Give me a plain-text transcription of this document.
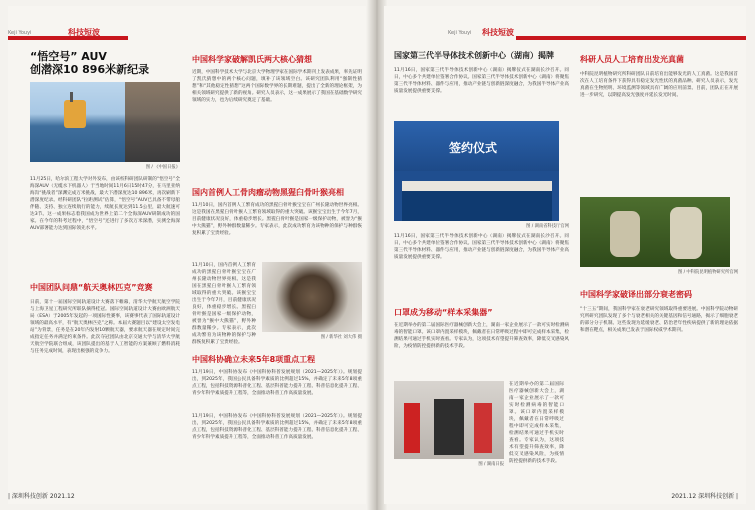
科技短波
Keji Youyi
“悟空号” AUV
创潜深10 896米新纪录
图 / 《中国日报》
11月25日，哈尔滨工程大学对外发布，由该校科研团队研制的“悟空号”全海深AUV（无缆水下机器人）于当地时间11月6日15时47分，在马里亚纳海沟“挑战者”深渊完成万米挑战，最大下潜深度达10 896米，再次刷新下潜深度纪录。经科研团队“拉距测试”估算，“悟空号”AUV已具备不带母船伴随、支持、独立连续航行的能力，续航长度达到11.5公里，最大航速可达3节。这一成果标志着我国成为世界上第二个全海深AUV研制成功的国家。在今年的科考过程中，“悟空号”还进行了多次万米深潜，实测全海深AUV部署能力达到国际领先水平。
中国团队问鼎“航天奥林匹克”竞赛
日前，第十一届国际空间轨道设计大赛落下帷幕，清华大学航天航空学院与上海卫星工程研究所联队摘得桂冠。国际空间轨道设计大赛由欧洲航天局（ESA）于2005年发起的一项国际性赛事，该赛事代表了国际轨道设计领域的最高水平，有“航天奥林匹克”之称。本届大赛题目以“建设太空发电站”为背景，任务是在20年内发射10颗航天器，要求航天器在规定时间完成指定任务并满足约束条件。此次夺冠团队由北京交通大学与清华大学航天航空学院联合组成，该团队提出的基于人工智能的方案兼顾了燃料消耗与任务完成时间，表现出极强的竞争力。
中国科学家破解凯氏两大核心猜想
近期，中国科学技术大学与北京大学物理学家在国际学术期刊上发表成果，率先证明了凯氏猜想中的两个核心问题，填补了该领域空白。该研究团队利用“强制性猜想”和“其他稳定性猜想”这两个国际数学界的长期难题，提出了全新的理论框架，为相关领域研究提供了新的视角。研究人员表示，这一成果展示了我国在基础数学研究领域的实力，也为后续研究奠定了基础。
国内首例人工骨肉瘤动物黑猩臼骨叶猴亮相
11月10日，国内首例人工繁育成功的黑猩臼骨叶猴宝宝在广州长隆动物世界亮相。这是我国在黑猩臼骨叶猴人工繁育领域取得的重大突破。该猴宝宝出生于今年7月，目前健康状况良好，体重稳步增长。黑猩臼骨叶猴是国家一级保护动物，被誉为“猴中大熊猫”，野外种群数量稀少。专家表示，此次成功繁育为该物种的保护与种群恢复积累了宝贵经验。
11月10日，国内首例人工繁育成功的黑猩臼骨叶猴宝宝在广州长隆动物世界亮相。这是我国在黑猩臼骨叶猴人工繁育领域取得的重大突破。该猴宝宝出生于今年7月，目前健康状况良好，体重稳步增长。黑猩臼骨叶猴是国家一级保护动物，被誉为“猴中大熊猫”，野外种群数量稀少。专家表示，此次成功繁育为该物种的保护与种群恢复积累了宝贵经验。
图 / 新华社 刘大伟 摄
中国科协确立未来5年8项重点工程
11月19日，中国科协发布《中国科协科普发展规划（2021—2025年）》。规划提出，到2025年，我国公民具备科学素质的比例超过15%，并确定了未来5年8项重点工程，包括科技资源科普化工程、基层科普能力提升工程、科普信息化提升工程、青少年科学素质提升工程等，全面推动科普工作高质量发展。
11月19日，中国科协发布《中国科协科普发展规划（2021—2025年）》。规划提出，到2025年，我国公民具备科学素质的比例超过15%，并确定了未来5年8项重点工程，包括科技资源科普化工程、基层科普能力提升工程、科普信息化提升工程、青少年科学素质提升工程等，全面推动科普工作高质量发展。
| 深圳科技创新 2021.12
Keji Youyi 科技短波
国家第三代半导体技术创新中心（湖南）揭牌
11月16日，国家第三代半导体技术创新中心（湖南）揭牌仪式在湖南长沙召开。同日，中心多个共建单位签署合作协议。国家第三代半导体技术创新中心（湖南）将聚焦第三代半导体材料、器件与应用，推动产业链与创新链深度融合，为我国半导体产业高质量发展提供重要支撑。
签约仪式
图 / 湖南省科技厅官网
11月16日，国家第三代半导体技术创新中心（湖南）揭牌仪式在湖南长沙召开。同日，中心多个共建单位签署合作协议。国家第三代半导体技术创新中心（湖南）将聚焦第三代半导体材料、器件与应用，推动产业链与创新链深度融合，为我国半导体产业高质量发展提供重要支撑。
口罩成为移动“样本采集器”
在近期举办的第二届国际医疗器械创新大会上，湖南一家企业展示了一款可实时检测病毒的智能口罩。该口罩内置采样模块，佩戴者在日常呼吸过程中即可完成样本采集，检测结果可通过手机实时查看。专家认为，这项技术有望提升筛查效率，降低交叉感染风险，为疫情防控提供新的技术手段。
图 / 湖南日报
在近期举办的第二届国际医疗器械创新大会上，湖南一家企业展示了一款可实时检测病毒的智能口罩。该口罩内置采样模块，佩戴者在日常呼吸过程中即可完成样本采集，检测结果可通过手机实时查看。专家认为，这项技术有望提升筛查效率，降低交叉感染风险，为疫情防控提供新的技术手段。
科研人员人工培育出发光真菌
中科院昆明植物研究所科研团队日前培育出能够发光的人工真菌。这是我国首次在人工培育条件下获得具有稳定发光性状的真菌品种。研究人员表示，发光真菌在生物照明、环境监测等领域具有广阔的应用前景。目前，团队正在开展进一步研究，以期提高发光强度并延长发光时间。
图 / 中科院昆明植物研究所官网
中国科学家破译出部分衰老密码
“十三五”期间，我国科学家在衰老研究领域取得重要进展。中国科学院动物研究所研究团队发现了多个与衰老相关的关键基因和信号通路，揭示了细胞衰老的部分分子机制。这些发现为延缓衰老、防治老年性疾病提供了新的理论依据和潜在靶点，相关成果已发表于国际权威学术期刊。
2021.12 深圳科技创新 |
